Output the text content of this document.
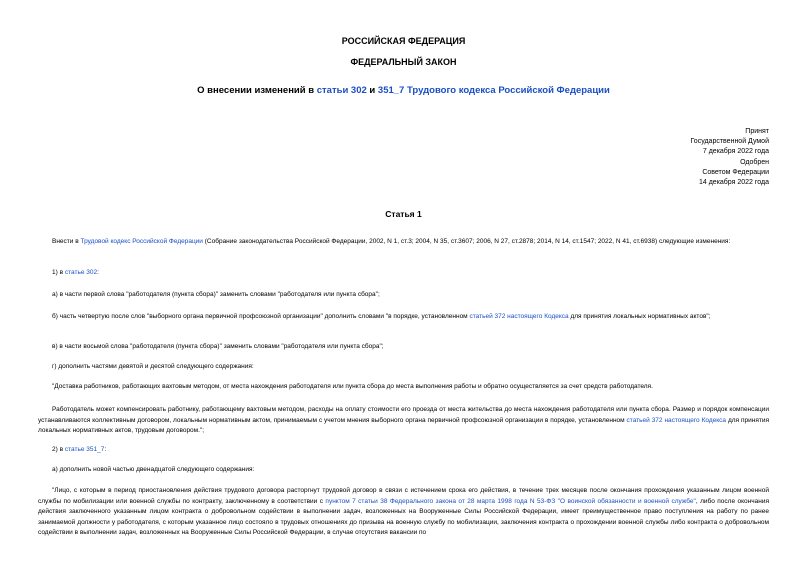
РОССИЙСКАЯ ФЕДЕРАЦИЯ
ФЕДЕРАЛЬНЫЙ ЗАКОН
О внесении изменений в статьи 302 и 351_7 Трудового кодекса Российской Федерации
Принят
Государственной Думой
7 декабря 2022 года
Одобрен
Советом Федерации
14 декабря 2022 года
Статья 1
Внести в Трудовой кодекс Российской Федерации (Собрание законодательства Российской Федерации, 2002, N 1, ст.3; 2004, N 35, ст.3607; 2006, N 27, ст.2878; 2014, N 14, ст.1547; 2022, N 41, ст.6938) следующие изменения:
1) в статье 302:
а) в части первой слова "работодателя (пункта сбора)" заменить словами "работодателя или пункта сбора";
б) часть четвертую после слов "выборного органа первичной профсоюзной организации" дополнить словами "в порядке, установленном статьей 372 настоящего Кодекса для принятия локальных нормативных актов";
в) в части восьмой слова "работодателя (пункта сбора)" заменить словами "работодателя или пункта сбора";
г) дополнить частями девятой и десятой следующего содержания:
"Доставка работников, работающих вахтовым методом, от места нахождения работодателя или пункта сбора до места выполнения работы и обратно осуществляется за счет средств работодателя.
Работодатель может компенсировать работнику, работающему вахтовым методом, расходы на оплату стоимости его проезда от места жительства до места нахождения работодателя или пункта сбора. Размер и порядок компенсации устанавливаются коллективным договором, локальным нормативным актом, принимаемым с учетом мнения выборного органа первичной профсоюзной организации в порядке, установленном статьей 372 настоящего Кодекса для принятия локальных нормативных актов, трудовым договором.";
2) в статье 351_7:
а) дополнить новой частью двенадцатой следующего содержания:
"Лицо, с которым в период приостановления действия трудового договора расторгнут трудовой договор в связи с истечением срока его действия, в течение трех месяцев после окончания прохождения указанным лицом военной службы по мобилизации или военной службы по контракту, заключенному в соответствии с пунктом 7 статьи 38 Федерального закона от 28 марта 1998 года N 53-ФЗ "О воинской обязанности и военной службе", либо после окончания действия заключенного указанным лицом контракта о добровольном содействии в выполнении задач, возложенных на Вооруженные Силы Российской Федерации, имеет преимущественное право поступления на работу по ранее занимаемой должности у работодателя, с которым указанное лицо состояло в трудовых отношениях до призыва на военную службу по мобилизации, заключения контракта о прохождении военной службы либо контракта о добровольном содействии в выполнении задач, возложенных на Вооруженные Силы Российской Федерации, в случае отсутствия вакансии по
